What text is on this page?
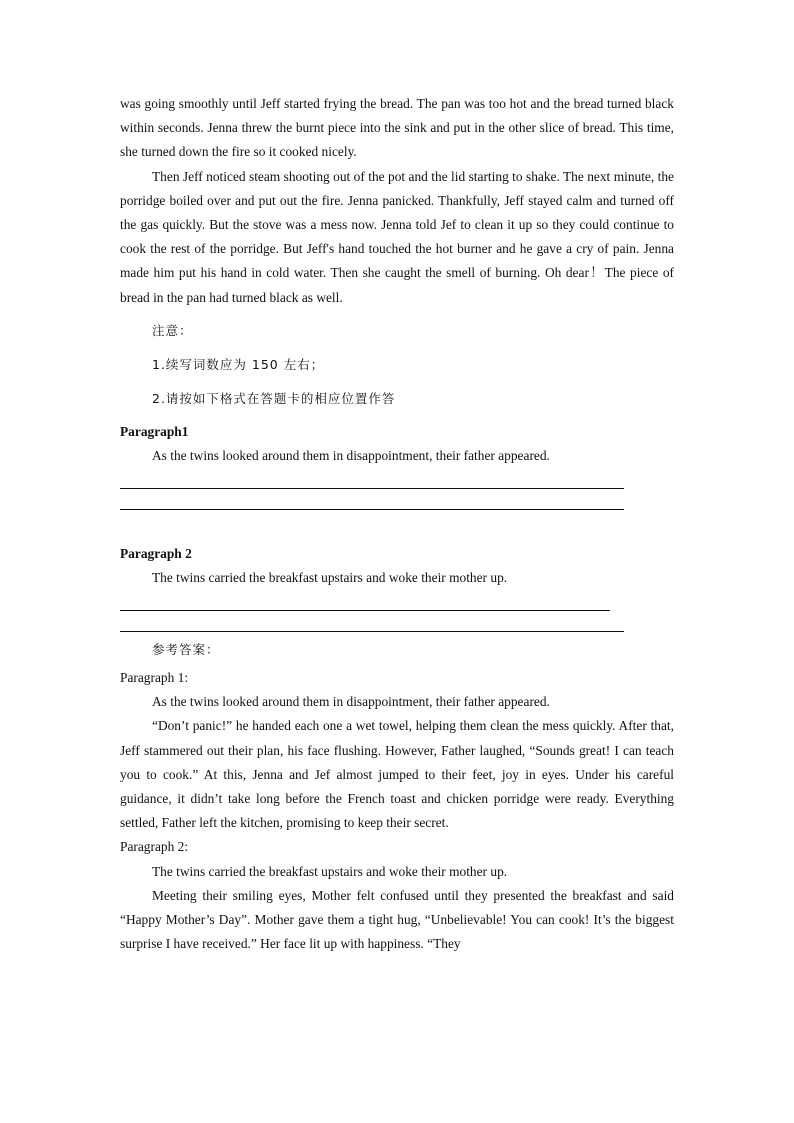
was going smoothly until Jeff started frying the bread. The pan was too hot and the bread turned black within seconds. Jenna threw the burnt piece into the sink and put in the other slice of bread. This time, she turned down the fire so it cooked nicely.

Then Jeff noticed steam shooting out of the pot and the lid starting to shake. The next minute, the porridge boiled over and put out the fire. Jenna panicked. Thankfully, Jeff stayed calm and turned off the gas quickly. But the stove was a mess now. Jenna told Jef to clean it up so they could continue to cook the rest of the porridge. But Jeff's hand touched the hot burner and he gave a cry of pain. Jenna made him put his hand in cold water. Then she caught the smell of burning. Oh dear！The piece of bread in the pan had turned black as well.

注意：

1.续写词数应为 150 左右；

2.请按如下格式在答题卡的相应位置作答

Paragraph1

As the twins looked around them in disappointment, their father appeared.

Paragraph 2

The twins carried the breakfast upstairs and woke their mother up.

参考答案：

Paragraph 1:

As the twins looked around them in disappointment, their father appeared.

“Don’t panic!” he handed each one a wet towel, helping them clean the mess quickly. After that, Jeff stammered out their plan, his face flushing. However, Father laughed, “Sounds great! I can teach you to cook.” At this, Jenna and Jef almost jumped to their feet, joy in eyes. Under his careful guidance, it didn’t take long before the French toast and chicken porridge were ready. Everything settled, Father left the kitchen, promising to keep their secret.

Paragraph 2:

The twins carried the breakfast upstairs and woke their mother up.

Meeting their smiling eyes, Mother felt confused until they presented the breakfast and said “Happy Mother’s Day”. Mother gave them a tight hug, “Unbelievable! You can cook! It’s the biggest surprise I have received.” Her face lit up with happiness. “They
